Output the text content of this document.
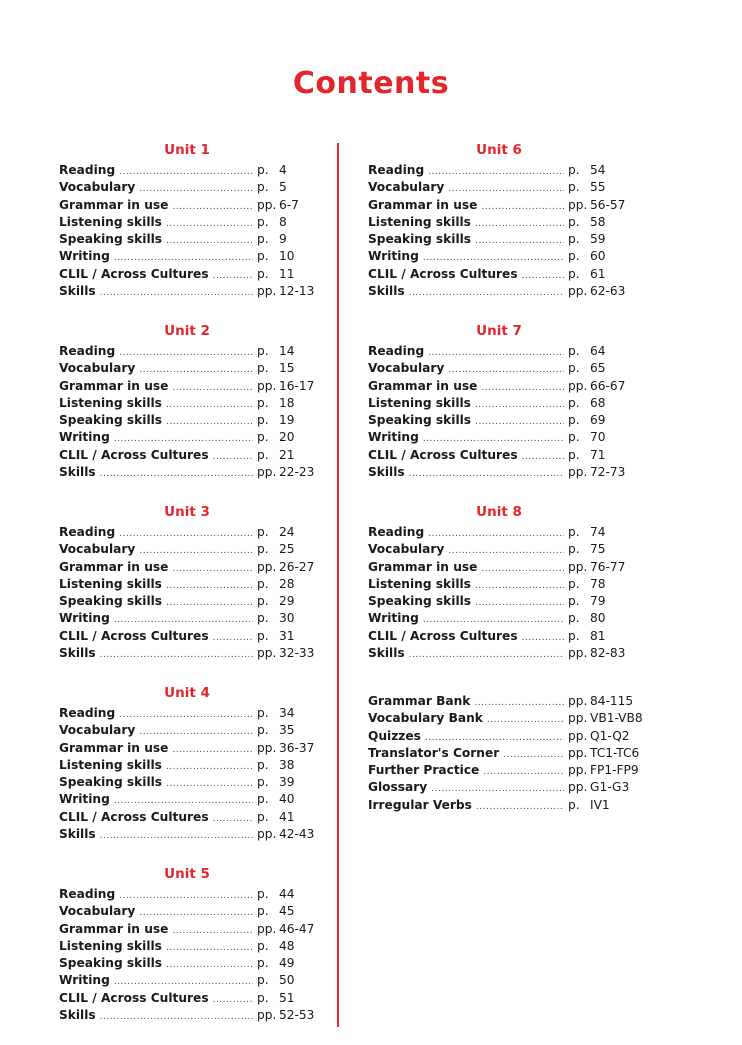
Contents
Unit 1
Reading .....	p. 4
Vocabulary .....	p. 5
Grammar in use .....	pp. 6-7
Listening skills .....	p. 8
Speaking skills .....	p. 9
Writing .....	p. 10
CLIL / Across Cultures .....	p. 11
Skills .....	pp. 12-13
Unit 2
Reading .....	p. 14
Vocabulary .....	p. 15
Grammar in use .....	pp. 16-17
Listening skills .....	p. 18
Speaking skills .....	p. 19
Writing .....	p. 20
CLIL / Across Cultures .....	p. 21
Skills .....	pp. 22-23
Unit 3
Reading .....	p. 24
Vocabulary .....	p. 25
Grammar in use .....	pp. 26-27
Listening skills .....	p. 28
Speaking skills .....	p. 29
Writing .....	p. 30
CLIL / Across Cultures .....	p. 31
Skills .....	pp. 32-33
Unit 4
Reading .....	p. 34
Vocabulary .....	p. 35
Grammar in use .....	pp. 36-37
Listening skills .....	p. 38
Speaking skills .....	p. 39
Writing .....	p. 40
CLIL / Across Cultures .....	p. 41
Skills .....	pp. 42-43
Unit 5
Reading .....	p. 44
Vocabulary .....	p. 45
Grammar in use .....	pp. 46-47
Listening skills .....	p. 48
Speaking skills .....	p. 49
Writing .....	p. 50
CLIL / Across Cultures .....	p. 51
Skills .....	pp. 52-53
Unit 6
Reading .....	p. 54
Vocabulary .....	p. 55
Grammar in use .....	pp. 56-57
Listening skills .....	p. 58
Speaking skills .....	p. 59
Writing .....	p. 60
CLIL / Across Cultures .....	p. 61
Skills .....	pp. 62-63
Unit 7
Reading .....	p. 64
Vocabulary .....	p. 65
Grammar in use .....	pp. 66-67
Listening skills .....	p. 68
Speaking skills .....	p. 69
Writing .....	p. 70
CLIL / Across Cultures .....	p. 71
Skills .....	pp. 72-73
Unit 8
Reading .....	p. 74
Vocabulary .....	p. 75
Grammar in use .....	pp. 76-77
Listening skills .....	p. 78
Speaking skills .....	p. 79
Writing .....	p. 80
CLIL / Across Cultures .....	p. 81
Skills .....	pp. 82-83
Grammar Bank .....	pp. 84-115
Vocabulary Bank .....	pp. VB1-VB8
Quizzes .....	pp. Q1-Q2
Translator's Corner .....	pp. TC1-TC6
Further Practice .....	pp. FP1-FP9
Glossary .....	pp. G1-G3
Irregular Verbs .....	p. IV1
